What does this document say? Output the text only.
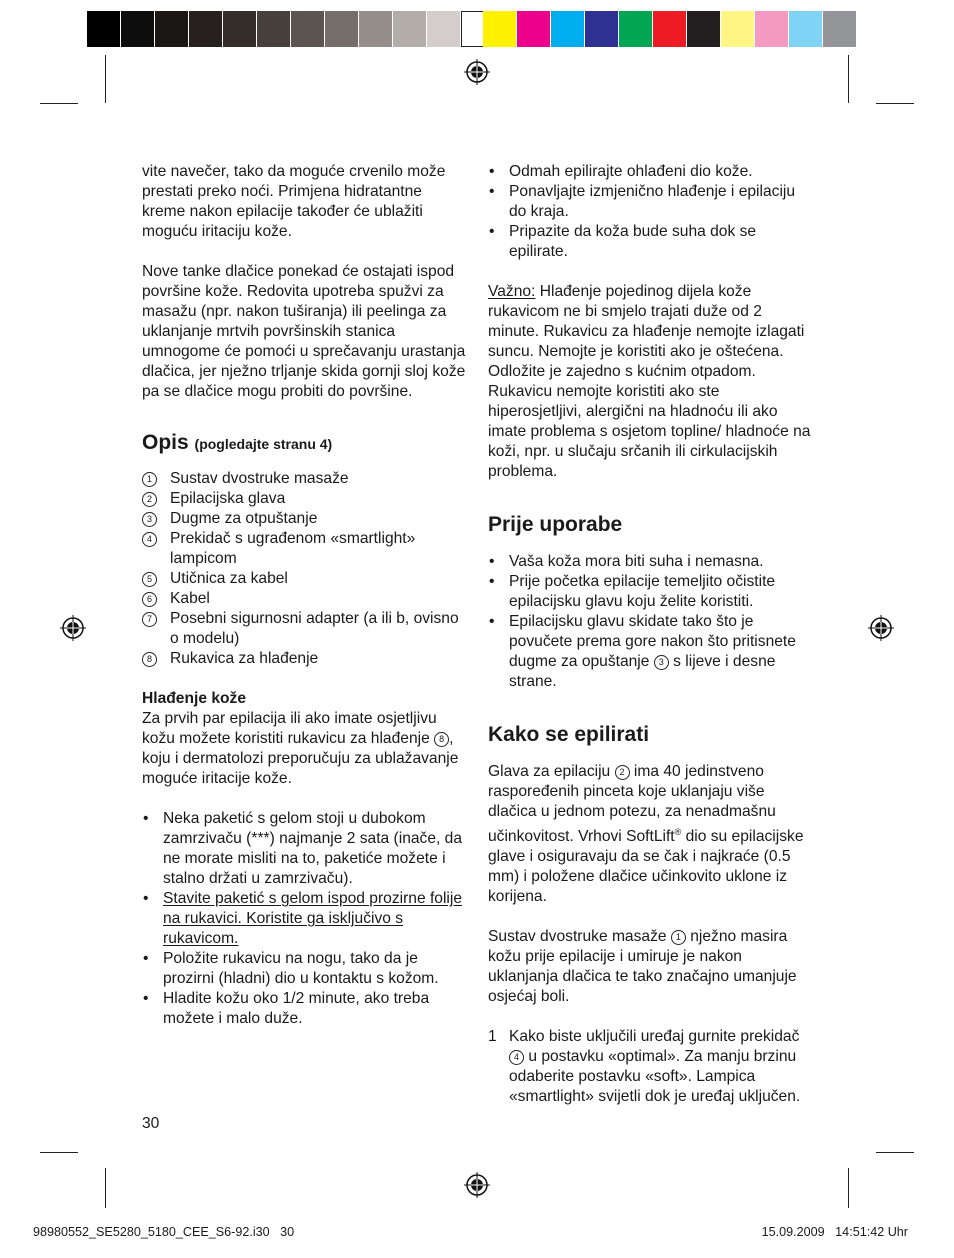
vite navečer, tako da moguće crvenilo može prestati preko noći. Primjena hidratantne kreme nakon epilacije također će ublažiti moguću iritaciju kože.

Nove tanke dlačice ponekad će ostajati ispod površine kože. Redovita upotreba spužvi za masažu (npr. nakon tuširanja) ili peelinga za uklanjanje mrtvih površinskih stanica umnogome će pomoći u sprečavanju urastanja dlačica, jer nježno trljanje skida gornji sloj kože pa se dlačice mogu probiti do površine.

Opis (pogledajte stranu 4)
1	Sustav dvostruke masaže
2	Epilacijska glava
3	Dugme za otpuštanje
4	Prekidač s ugrađenom «smartlight» lampicom
5	Utičnica za kabel
6	Kabel
7	Posebni sigurnosni adapter (a ili b, ovisno o modelu)
8	Rukavica za hlađenje

Hlađenje kože

Za prvih par epilacija ili ako imate osjetljivu kožu možete koristiti rukavicu za hlađenje 8 , koju i dermatolozi preporučuju za ublažavanje moguće iritacije kože.

• Neka paketić s gelom stoji u dubokom zamrzivaču (***) najmanje 2 sata (inače, da ne morate misliti na to, paketiće možete i stalno držati u zamrzivaču).
• Stavite paketić s gelom ispod prozirne folije na rukavici. Koristite ga isključivo s rukavicom.
• Položite rukavicu na nogu, tako da je prozirni (hladni) dio u kontaktu s kožom.
• Hladite kožu oko 1/2 minute, ako treba možete i malo duže.
• Odmah epilirajte ohlađeni dio kože.
• Ponavljajte izmjenično hlađenje i epilaciju do kraja.
• Pripazite da koža bude suha dok se epilirate.

Važno: Hlađenje pojedinog dijela kože rukavicom ne bi smjelo trajati duže od 2 minute. Rukavicu za hlađenje nemojte izlagati suncu. Nemojte je koristiti ako je oštećena. Odložite je zajedno s kućnim otpadom. Rukavicu nemojte koristiti ako ste hiperosjetljivi, alergični na hladnoću ili ako imate problema s osjetom topline/ hladnoće na koži, npr. u slučaju srčanih ili cirkulacijskih problema.

Prije uporabe
• Vaša koža mora biti suha i nemasna.
• Prije početka epilacije temeljito očistite epilacijsku glavu koju želite koristiti.
• Epilacijsku glavu skidate tako što je povučete prema gore nakon što pritisnete dugme za opuštanje 3 s lijeve i desne strane.
Kako se epilirati

Glava za epilaciju 2 ima 40 jedinstveno raspoređenih pinceta koje uklanjaju više dlačica u jednom potezu, za nenadmašnu učinkovitost. Vrhovi SoftLift® dio su epilacijske glave i osiguravaju da se čak i najkraće (0.5 mm) i položene dlačice učinkovito uklone iz korijena.

Sustav dvostruke masaže 1 nježno masira kožu prije epilacije i umiruje je nakon uklanjanja dlačica te tako značajno umanjuje osjećaj boli.

1 Kako biste uključili uređaj gurnite prekidač 4 u postavku «optimal». Za manju brzinu odaberite postavku «soft». Lampica «smartlight» svijetli dok je uređaj uključen.
30
98980552_SE5280_5180_CEE_S6-92.i30   30	15.09.2009   14:51:42 Uhr
